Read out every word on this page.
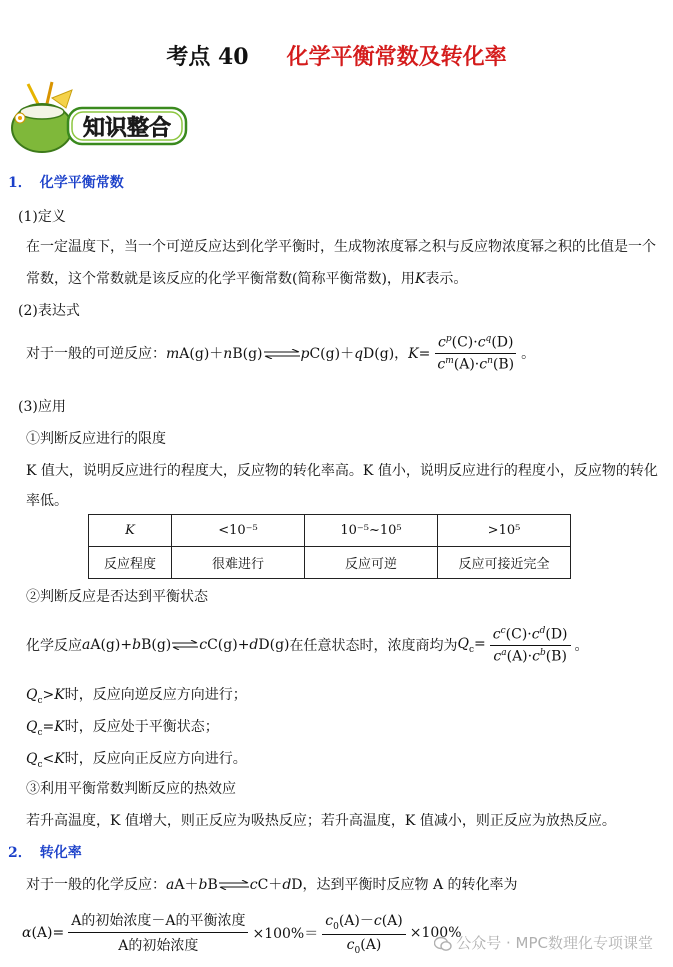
考点 40 化学平衡常数及转化率
知识整合
1． 化学平衡常数
(1)定义
在一定温度下，当一个可逆反应达到化学平衡时，生成物浓度幂之积与反应物浓度幂之积的比值是一个
常数，这个常数就是该反应的化学平衡常数(简称平衡常数)，用K表示。
(2)表达式
对于一般的可逆反应： mA(g)＋nB(g)⇌pC(g)＋qD(g)，$K= \frac{c^p(C)\cdot c^q(D)}{c^m(A)\cdot c^n(B)}$ 。
(3)应用
①判断反应进行的限度
K 值大，说明反应进行的程度大，反应物的转化率高。K 值小，说明反应进行的程度小，反应物的转化
率低。
K	<10⁻⁵	10⁻⁵~10⁵	>10⁵
反应程度	很难进行	反应可逆	反应可接近完全
②判断反应是否达到平衡状态
化学反应 aA(g)+bB(g)⇌cC(g)+dD(g) 在任意状态时，浓度商均为 $Q_c= \frac{c^c(C)\cdot c^d(D)}{c^a(A)\cdot c^b(B)}$ 。
$Q_c>K$时，反应向逆反应方向进行；
$Q_c=K$时，反应处于平衡状态；
$Q_c<K$时，反应向正反应方向进行。
③利用平衡常数判断反应的热效应
若升高温度，K 值增大，则正反应为吸热反应；若升高温度，K 值减小，则正反应为放热反应。
2． 转化率
对于一般的化学反应： aA＋bB⇌cC＋dD ，达到平衡时反应物 A 的转化率为
$\alpha(A)= \frac{\text{A的初始浓度－A的平衡浓度}}{\text{A的初始浓度}} \times 100\%= \frac{c_0(A)-c(A)}{c_0(A)} \times 100\%$
公众号 · MPC数理化专项课堂
